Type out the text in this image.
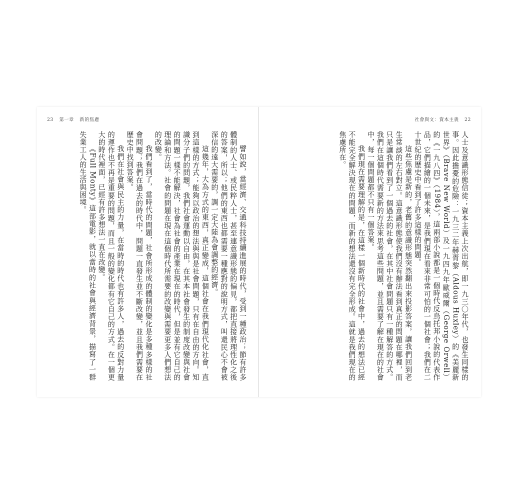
23 第一章 新的焦慮

譬如說，當經濟、交通科技持續進展的時代，受到一種政治；節有許多體制的人士、或民粹人士，甚至連意識形態的偏見，都把直接將理性化之後的答案，所以；他們的東西也都需要一種應對的說明方式，叫還民心不會被深信的遠大需要的，調一定大陸為會調整的經濟。

這幾年，大為方式的東西，真正變成，這個社會在我們現代化社會，直到這樣的方式；能夠以政治的想法與與是社會問題，只有在自由的方向。知識分子們的問題，我們社會運動以自由，在其本社會發生的制度改變與社會的問題一樣不能解決，社會為社會的產業在現在的時代，但是並有它自己的理論和方法。社會的問題在現在這個時代所需要的改變與需要更多人們想法的改變。

我們看到了，當時代的問題，社會所形成的體制的變化是多種多樣的社會問題；我們在過去的時代中，問題一直發生並不斷改變，並且我們需要在歷史中找到答案。

我們在社會與民主的力量，在當時的時代也有許多人，過去的反對力量的運作也不再是重要的問題，而且一般的變化都有它自己的方式。在一個更大的時代裡面，已經有許多想法一直在改變。

《Full Monty》這部電影，就以當時的社會與經濟背景，描寫了一群失業工人的生活與困境。

社會與文：資本主義 22

人士及意識形態信徒；資本主義上次出航，即一九三〇年代，也發生同樣的事。因此擔憂的危險：一九三二年赫胥黎（Aldous Huxley）的《美麗新世界》（Brave New World）及一九四九年歐威爾（George Orwell）的《一九八四》（1984），這兩部小說都是一個時代反烏托邦小說的代表作品，它們描繪的一個未來，是我們現在看來非常可怕的一個社會；我們在二十世紀的歷史中看到了許多這樣的問題。

這些焦慮是新的，老舊的意識形態突然翻出來投影答案，讓我們回到老生常談的左右對立。這意識形態使我們沒有辦法看到真正的問題在哪裡，而只是讓我們看到了一個過去的社會，在其中社會問題只有一種解答的方式。我們在這個時代需要新的方法來思考這些問題，並且需要了解在現在的社會中，每一個問題都不只有一個答案。

我們現在需要理解的是，在這樣一個新時代的社會中，過去的想法已經不能完全解決現在的問題，而新的想法還沒有完全形成。這就是我們現在的焦慮所在。
